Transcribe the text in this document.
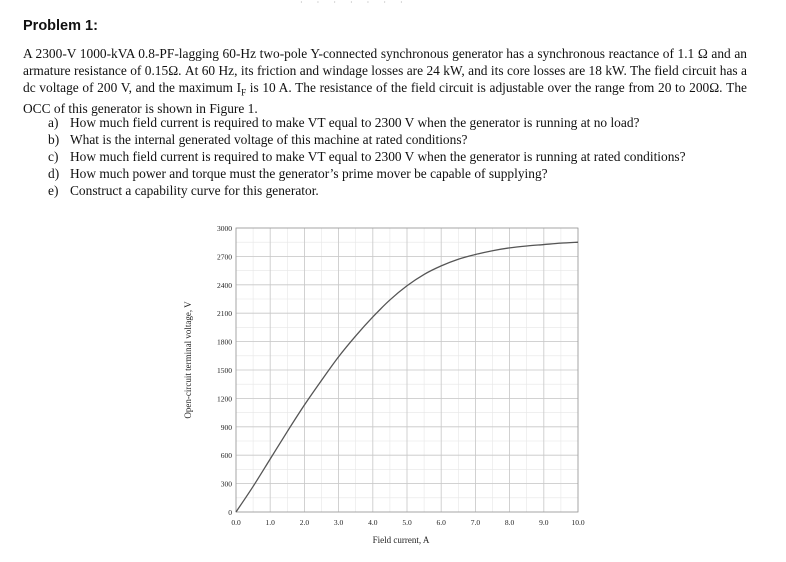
· · · · · · ·
Problem 1:
A 2300-V 1000-kVA 0.8-PF-lagging 60-Hz two-pole Y-connected synchronous generator has a synchronous reactance of 1.1 Ω and an armature resistance of 0.15Ω. At 60 Hz, its friction and windage losses are 24 kW, and its core losses are 18 kW. The field circuit has a dc voltage of 200 V, and the maximum $I_F$ is 10 A. The resistance of the field circuit is adjustable over the range from 20 to 200Ω. The OCC of this generator is shown in Figure 1.
a) How much field current is required to make VT equal to 2300 V when the generator is running at no load?
b) What is the internal generated voltage of this machine at rated conditions?
c) How much field current is required to make VT equal to 2300 V when the generator is running at rated conditions?
d) How much power and torque must the generator’s prime mover be capable of supplying?
e) Construct a capability curve for this generator.
0.0	1.0	2.0	3.0	4.0	5.0	6.0	7.0	8.0	9.0	10.0
0
300
600
900
1200
1500
1800
2100
2400
2700
3000
Open-circuit terminal voltage, V
Field current, A
